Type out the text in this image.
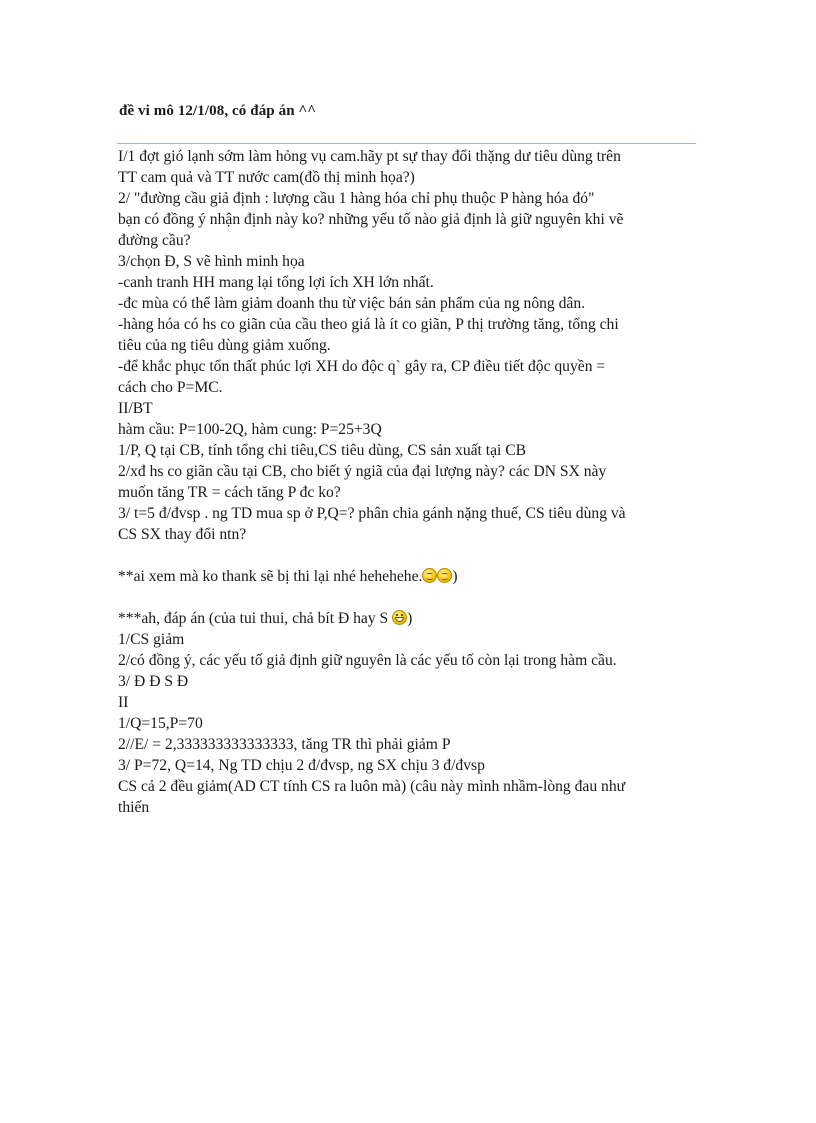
đề vi mô 12/1/08, có đáp án ^^

I/1 đợt gió lạnh sớm làm hỏng vụ cam.hãy pt sự thay đổi thặng dư tiêu dùng trên

TT cam quả và TT nước cam(đồ thị minh họa?)

2/ "đường cầu giả định : lượng cầu 1 hàng hóa chỉ phụ thuộc P hàng hóa đó"

bạn có đồng ý nhận định này ko? những yếu tố nào giả định là giữ nguyên khi vẽ

đường cầu?

3/chọn Đ, S vẽ hình minh họa

-canh tranh HH mang lại tổng lợi ích XH lớn nhất.

-đc mùa có thể làm giảm doanh thu từ việc bán sản phẩm của ng nông dân.

-hàng hóa có hs co giãn của cầu theo giá là ít co giãn, P thị trường tăng, tổng chi

tiêu của ng tiêu dùng giảm xuống.

-để khắc phục tổn thất phúc lợi XH do độc q` gây ra, CP điều tiết độc quyền =

cách cho P=MC.

II/BT

hàm cầu: P=100-2Q, hàm cung: P=25+3Q

1/P, Q tại CB, tính tổng chi tiêu,CS tiêu dùng, CS sản xuất tại CB

2/xđ hs co giãn cầu tại CB, cho biết ý ngiã của đại lượng này? các DN SX này

muốn tăng TR = cách tăng P đc ko?

3/ t=5 đ/đvsp . ng TD mua sp ở P,Q=? phân chia gánh nặng thuế, CS tiêu dùng và

CS SX thay đổi ntn?

**ai xem mà ko thank sẽ bị thi lại nhé hehehehe. )

***ah, đáp án (của tui thui, chả bít Đ hay S )

1/CS giảm

2/có đồng ý, các yếu tố giả định giữ nguyên là các yếu tố còn lại trong hàm cầu.

3/ Đ Đ S Đ

II

1/Q=15,P=70

2//E/ = 2,333333333333333, tăng TR thì phải giảm P

3/ P=72, Q=14, Ng TD chịu 2 đ/đvsp, ng SX chịu 3 đ/đvsp

CS cả 2 đều giảm(AD CT tính CS ra luôn mà) (câu này mình nhầm-lòng đau như

thiến
